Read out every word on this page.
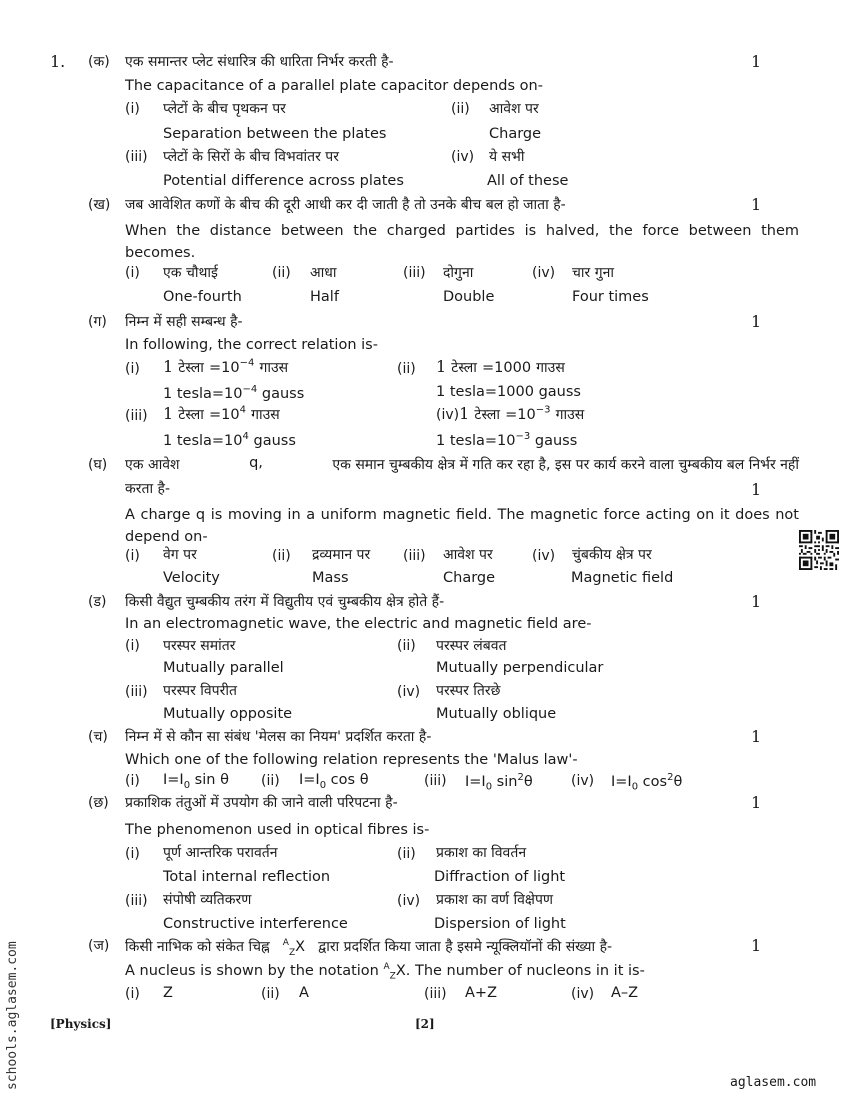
1. (क) एक समान्तर प्लेट संधारित्र की धारिता निर्भर करती है-	1
The capacitance of a parallel plate capacitor depends on-
(i) प्लेटों के बीच पृथकन पर
Separation between the plates
(ii) आवेश पर
Charge
(iii) प्लेटों के सिरों के बीच विभवांतर पर
Potential difference across plates
(iv) ये सभी
All of these
(ख) जब आवेशित कणों के बीच की दूरी आधी कर दी जाती है तो उनके बीच बल हो जाता है-	1
When the distance between the charged partides is halved, the force between them becomes.
(i) एक चौथाई
One-fourth
(ii) आधा
Half
(iii) दोगुना
Double
(iv) चार गुना
Four times
(ग) निम्न में सही सम्बन्ध है-	1
In following, the correct relation is-
(i) 1 टेस्ला $=10^{-4}$ गाउस
1 $tesla=10^{-4}$ gauss
(ii) 1 टेस्ला =1000 गाउस
1 tesla=1000 gauss
(iii) 1 टेस्ला $=10^4$ गाउस
1 $tesla=10^4$ gauss
(iv)1 टेस्ला $=10^{-3}$ गाउस
1 $tesla=10^{-3}$ gauss
(घ) एक आवेश	q,	एक समान चुम्बकीय क्षेत्र में गति कर रहा है, इस पर कार्य करने वाला चुम्बकीय बल निर्भर नहीं
करता है-	1
A charge q is moving in a uniform magnetic field. The magnetic force acting on it does not depend on-
(i) वेग पर
Velocity
(ii) द्रव्यमान पर
Mass
(iii) आवेश पर
Charge
(iv) चुंबकीय क्षेत्र पर
Magnetic field
(ड) किसी वैद्युत चुम्बकीय तरंग में विद्युतीय एवं चुम्बकीय क्षेत्र होते हैं-	1
In an electromagnetic wave, the electric and magnetic field are-
(i) परस्पर समांतर
Mutually parallel
(ii) परस्पर लंबवत
Mutually perpendicular
(iii) परस्पर विपरीत
Mutually opposite
(iv) परस्पर तिरछे
Mutually oblique
(च) निम्न में से कौन सा संबंध 'मेलस का नियम' प्रदर्शित करता है-	1
Which one of the following relation represents the 'Malus law'-
(i) $I=I_0$ sin θ (ii) $I=I_0$ cos θ	(iii) $I=I_0$ $\sin^2\theta$	(iv) $I=I_0$ $\cos^2\theta$
(छ) प्रकाशिक तंतुओं में उपयोग की जाने वाली परिपटना है-	1
The phenomenon used in optical fibres is-
(i) पूर्ण आन्तरिक परावर्तन
Total internal reflection
(ii) प्रकाश का विवर्तन
Diffraction of light
(iii) संपोषी व्यतिकरण
Constructive interference
(iv) प्रकाश का वर्ण विक्षेपण
Dispersion of light
(ज) किसी नाभिक को संकेत चिह्न $^A_Z$X द्वारा प्रदर्शित किया जाता है इसमे न्यूक्लियॉनों की संख्या है-	1
A nucleus is shown by the notation $^A_Z$X. The number of nucleons in it is-
(i) Z	(ii) A	(iii) A+Z	(iv) A–Z
[Physics]	[2]
aglasem.com
schools.aglasem.com
